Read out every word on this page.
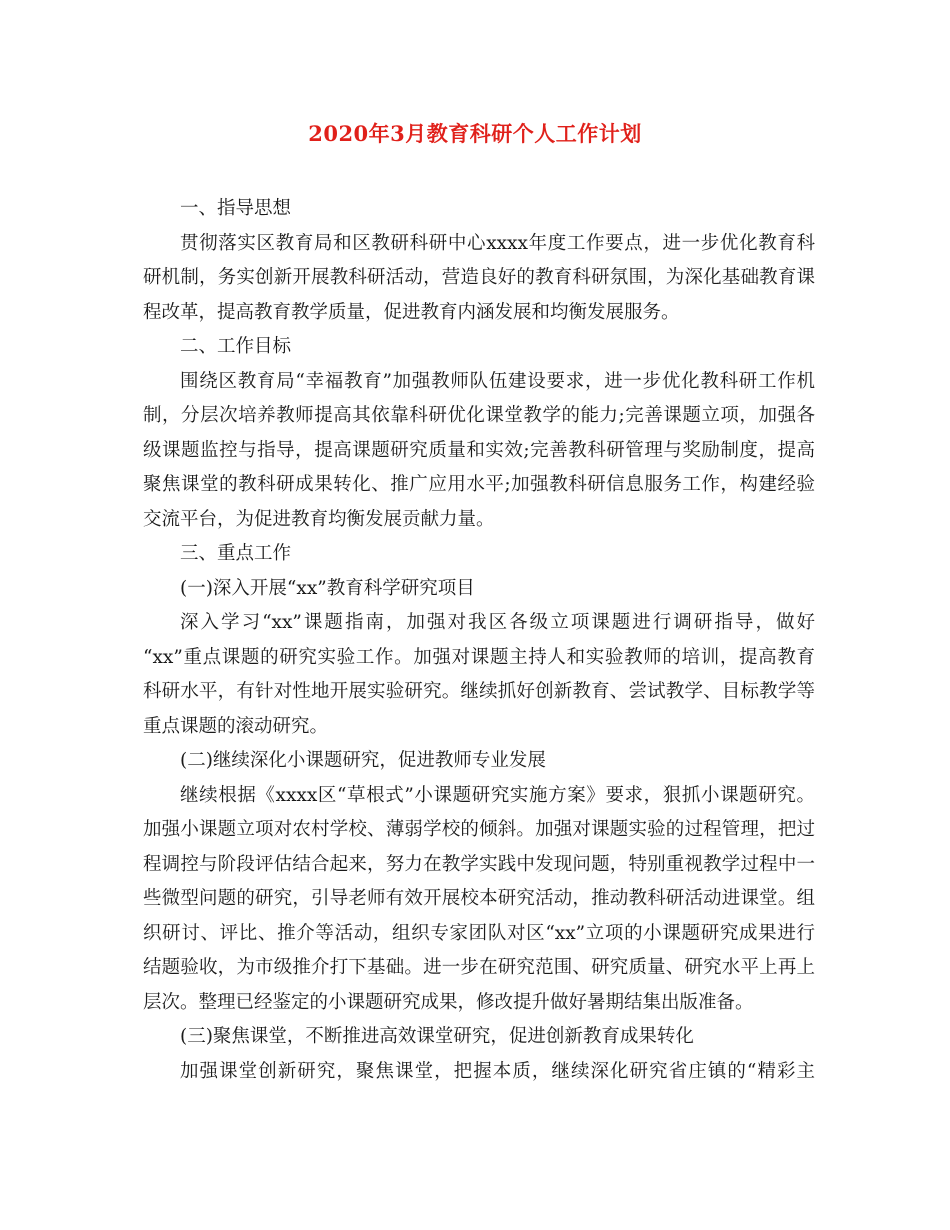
2020年3月教育科研个人工作计划
一、指导思想
贯彻落实区教育局和区教研科研中心xxxx年度工作要点，进一步优化教育科
研机制，务实创新开展教科研活动，营造良好的教育科研氛围，为深化基础教育课
程改革，提高教育教学质量，促进教育内涵发展和均衡发展服务。
二、工作目标
围绕区教育局“幸福教育”加强教师队伍建设要求，进一步优化教科研工作机
制，分层次培养教师提高其依靠科研优化课堂教学的能力;完善课题立项，加强各
级课题监控与指导，提高课题研究质量和实效;完善教科研管理与奖励制度，提高
聚焦课堂的教科研成果转化、推广应用水平;加强教科研信息服务工作，构建经验
交流平台，为促进教育均衡发展贡献力量。
三、重点工作
(一)深入开展“xx”教育科学研究项目
深入学习“xx”课题指南，加强对我区各级立项课题进行调研指导，做好
“xx”重点课题的研究实验工作。加强对课题主持人和实验教师的培训，提高教育
科研水平，有针对性地开展实验研究。继续抓好创新教育、尝试教学、目标教学等
重点课题的滚动研究。
(二)继续深化小课题研究，促进教师专业发展
继续根据《xxxx区“草根式”小课题研究实施方案》要求，狠抓小课题研究。
加强小课题立项对农村学校、薄弱学校的倾斜。加强对课题实验的过程管理，把过
程调控与阶段评估结合起来，努力在教学实践中发现问题，特别重视教学过程中一
些微型问题的研究，引导老师有效开展校本研究活动，推动教科研活动进课堂。组
织研讨、评比、推介等活动，组织专家团队对区“xx”立项的小课题研究成果进行
结题验收，为市级推介打下基础。进一步在研究范围、研究质量、研究水平上再上
层次。整理已经鉴定的小课题研究成果，修改提升做好暑期结集出版准备。
(三)聚焦课堂，不断推进高效课堂研究，促进创新教育成果转化
加强课堂创新研究，聚焦课堂，把握本质，继续深化研究省庄镇的“精彩主
